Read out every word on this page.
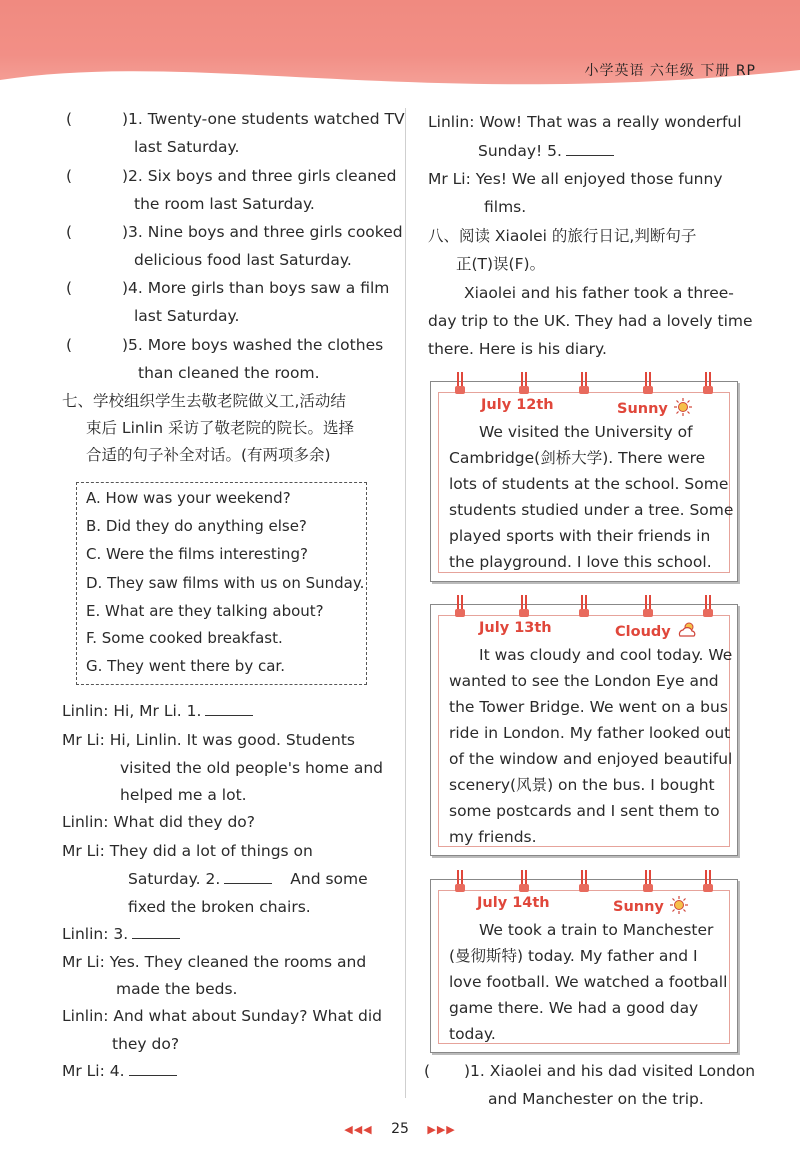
小学英语 六年级 下册 RP
(	)1. Twenty-one students watched TV
last Saturday.
(	)2. Six boys and three girls cleaned
the room last Saturday.
(	)3. Nine boys and three girls cooked
delicious food last Saturday.
(	)4. More girls than boys saw a film
last Saturday.
(	)5. More boys washed the clothes
than cleaned the room.
七、学校组织学生去敬老院做义工,活动结
束后 Linlin 采访了敬老院的院长。选择
合适的句子补全对话。(有两项多余)
A. How was your weekend?
B. Did they do anything else?
C. Were the films interesting?
D. They saw films with us on Sunday.
E. What are they talking about?
F. Some cooked breakfast.
G. They went there by car.
Linlin: Hi, Mr Li. 1.
Mr Li: Hi, Linlin. It was good. Students
visited the old people's home and
helped me a lot.
Linlin: What did they do?
Mr Li: They did a lot of things on
Saturday. 2.	And some
fixed the broken chairs.
Linlin: 3.
Mr Li: Yes. They cleaned the rooms and
made the beds.
Linlin: And what about Sunday? What did
they do?
Mr Li: 4.
Linlin: Wow! That was a really wonderful
Sunday! 5.
Mr Li: Yes! We all enjoyed those funny
films.
八、阅读 Xiaolei 的旅行日记,判断句子
正(T)误(F)。
Xiaolei and his father took a three-
day trip to the UK. They had a lovely time
there. Here is his diary.
July 12th	Sunny
We visited the University of
Cambridge(剑桥大学). There were
lots of students at the school. Some
students studied under a tree. Some
played sports with their friends in
the playground. I love this school.
July 13th	Cloudy
It was cloudy and cool today. We
wanted to see the London Eye and
the Tower Bridge. We went on a bus
ride in London. My father looked out
of the window and enjoyed beautiful
scenery(风景) on the bus. I bought
some postcards and I sent them to
my friends.
July 14th	Sunny
We took a train to Manchester
(曼彻斯特) today. My father and I
love football. We watched a football
game there. We had a good day
today.
( )1. Xiaolei and his dad visited London
and Manchester on the trip.
◀◀◀ 25 ▶▶▶
